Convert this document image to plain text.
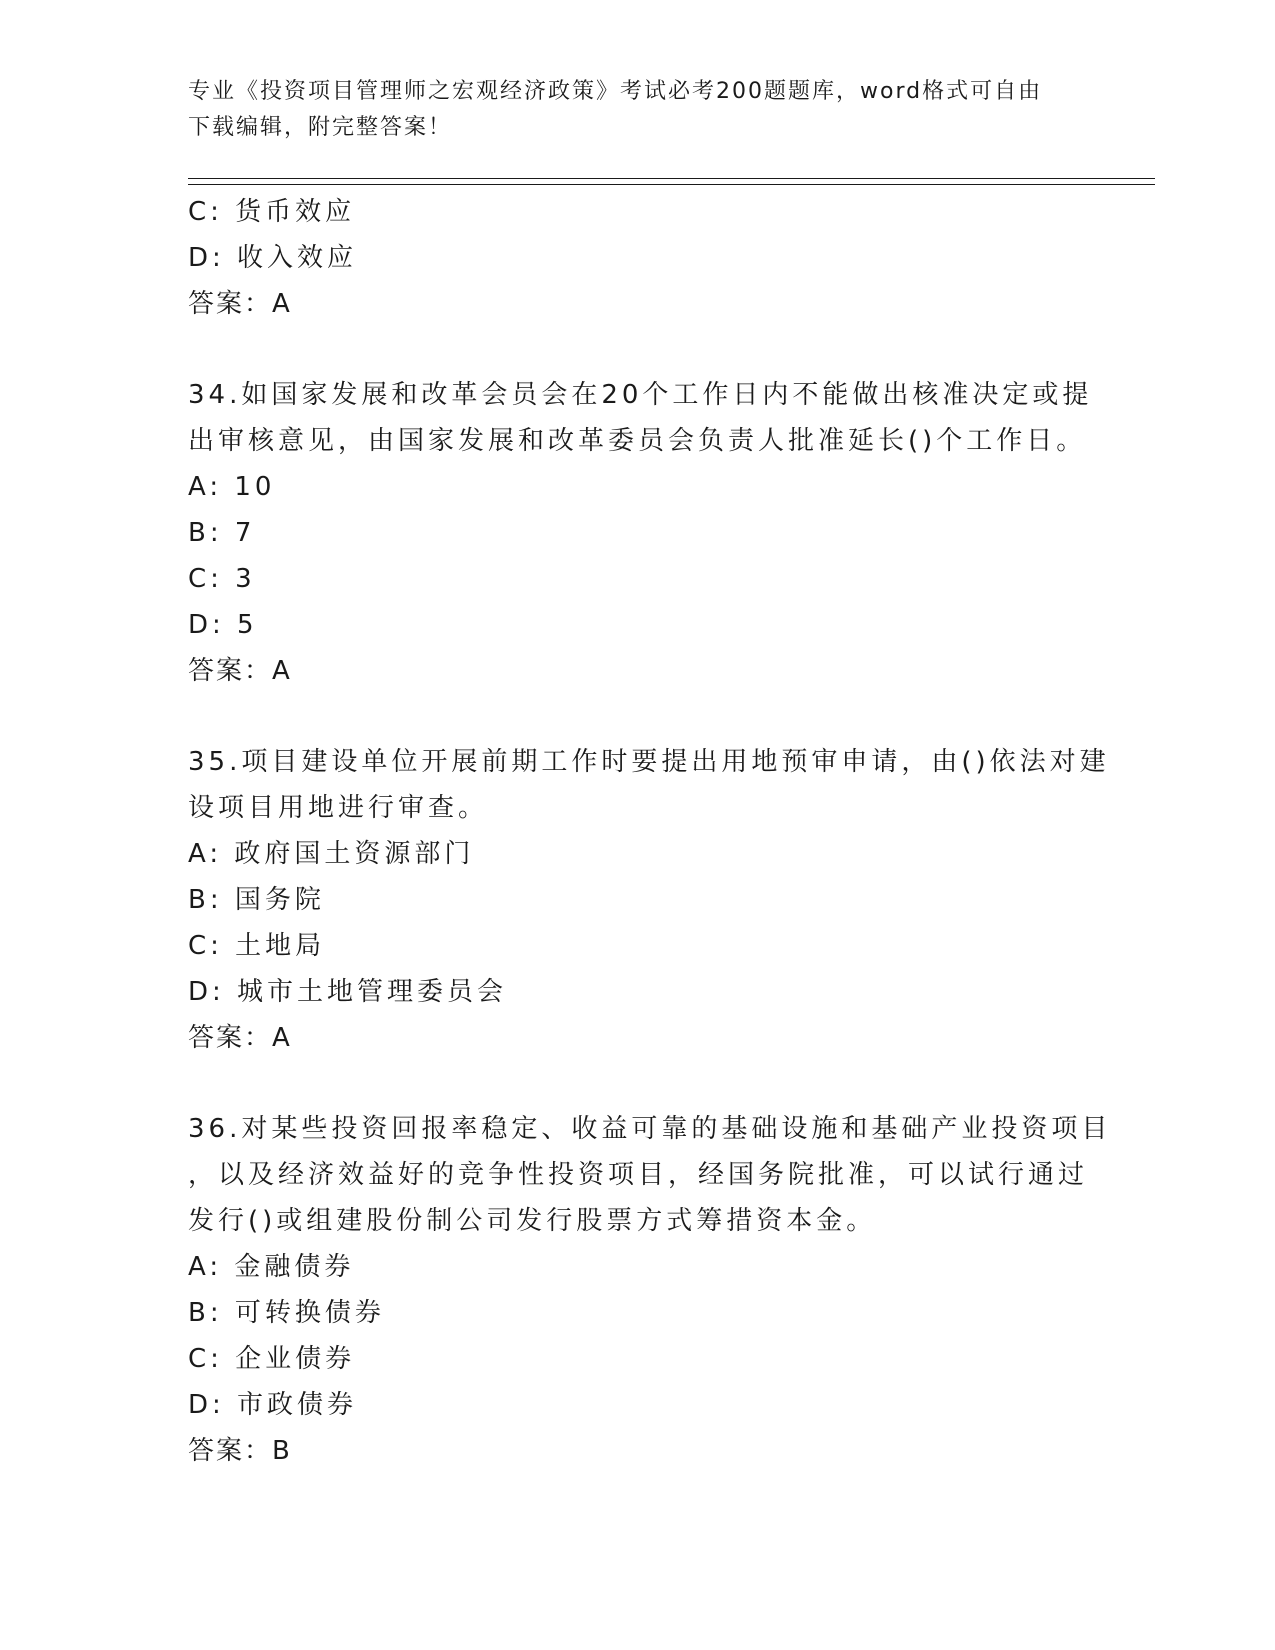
专业《投资项目管理师之宏观经济政策》考试必考200题题库，word格式可自由
下载编辑，附完整答案！
C: 货币效应
D: 收入效应
答案：A
34.如国家发展和改革会员会在20个工作日内不能做出核准决定或提
出审核意见，由国家发展和改革委员会负责人批准延长()个工作日。
A: 10
B: 7
C: 3
D: 5
答案：A
35.项目建设单位开展前期工作时要提出用地预审申请，由()依法对建
设项目用地进行审查。
A: 政府国土资源部门
B: 国务院
C: 土地局
D: 城市土地管理委员会
答案：A
36.对某些投资回报率稳定、收益可靠的基础设施和基础产业投资项目
，以及经济效益好的竞争性投资项目，经国务院批准，可以试行通过
发行()或组建股份制公司发行股票方式筹措资本金。
A: 金融债券
B: 可转换债券
C: 企业债券
D: 市政债券
答案：B
